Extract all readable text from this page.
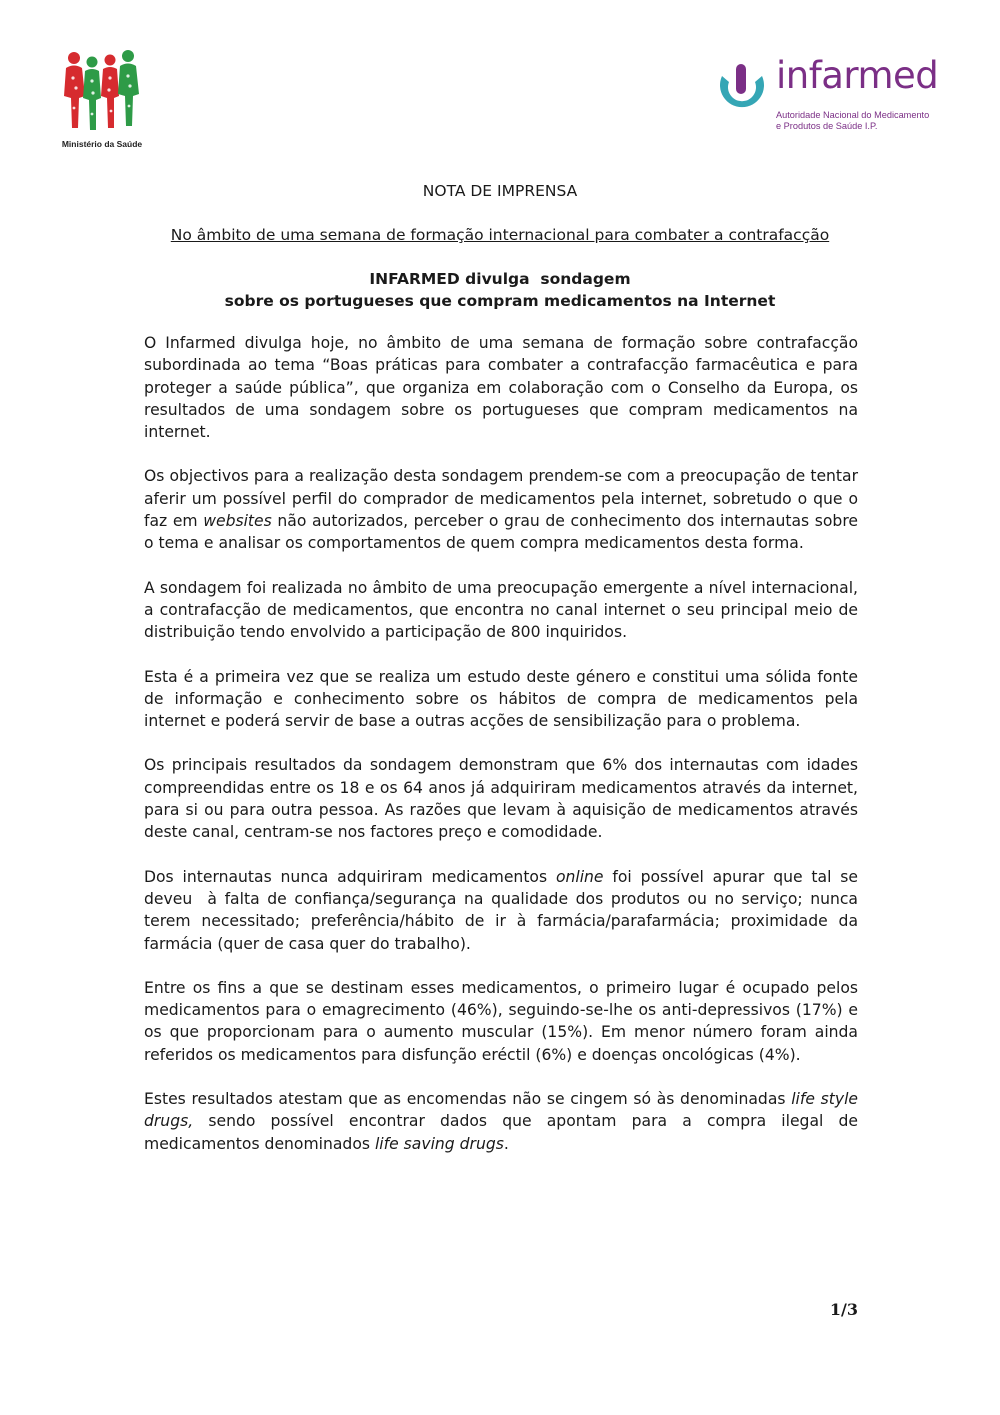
Ministério da Saúde
infarmed
Autoridade Nacional do Medicamento
e Produtos de Saúde I.P.
NOTA DE IMPRENSA
No âmbito de uma semana de formação internacional para combater a contrafacção
INFARMED divulga  sondagem
sobre os portugueses que compram medicamentos na Internet

O Infarmed divulga hoje, no âmbito de uma semana de formação sobre contrafacção subordinada ao tema “Boas práticas para combater a contrafacção farmacêutica e para proteger a saúde pública”, que organiza em colaboração com o Conselho da Europa, os resultados de uma sondagem sobre os portugueses que compram medicamentos na internet.

Os objectivos para a realização desta sondagem prendem-se com a preocupação de tentar aferir um possível perfil do comprador de medicamentos pela internet, sobretudo o que o faz em websites não autorizados, perceber o grau de conhecimento dos internautas sobre o tema e analisar os comportamentos de quem compra medicamentos desta forma.

A sondagem foi realizada no âmbito de uma preocupação emergente a nível internacional, a contrafacção de medicamentos, que encontra no canal internet o seu principal meio de distribuição tendo envolvido a participação de 800 inquiridos.

Esta é a primeira vez que se realiza um estudo deste género e constitui uma sólida fonte de informação e conhecimento sobre os hábitos de compra de medicamentos pela internet e poderá servir de base a outras acções de sensibilização para o problema.

Os principais resultados da sondagem demonstram que 6% dos internautas com idades compreendidas entre os 18 e os 64 anos já adquiriram medicamentos através da internet, para si ou para outra pessoa. As razões que levam à aquisição de medicamentos através deste canal, centram-se nos factores preço e comodidade.

Dos internautas nunca adquiriram medicamentos online foi possível apurar que tal se deveu  à falta de confiança/segurança na qualidade dos produtos ou no serviço; nunca terem necessitado; preferência/hábito de ir à farmácia/parafarmácia; proximidade da farmácia (quer de casa quer do trabalho).

Entre os fins a que se destinam esses medicamentos, o primeiro lugar é ocupado pelos medicamentos para o emagrecimento (46%), seguindo-se-lhe os anti-depressivos (17%) e os que proporcionam para o aumento muscular (15%). Em menor número foram ainda referidos os medicamentos para disfunção eréctil (6%) e doenças oncológicas (4%).

Estes resultados atestam que as encomendas não se cingem só às denominadas life style drugs, sendo possível encontrar dados que apontam para a compra ilegal de medicamentos denominados life saving drugs.

1/3
